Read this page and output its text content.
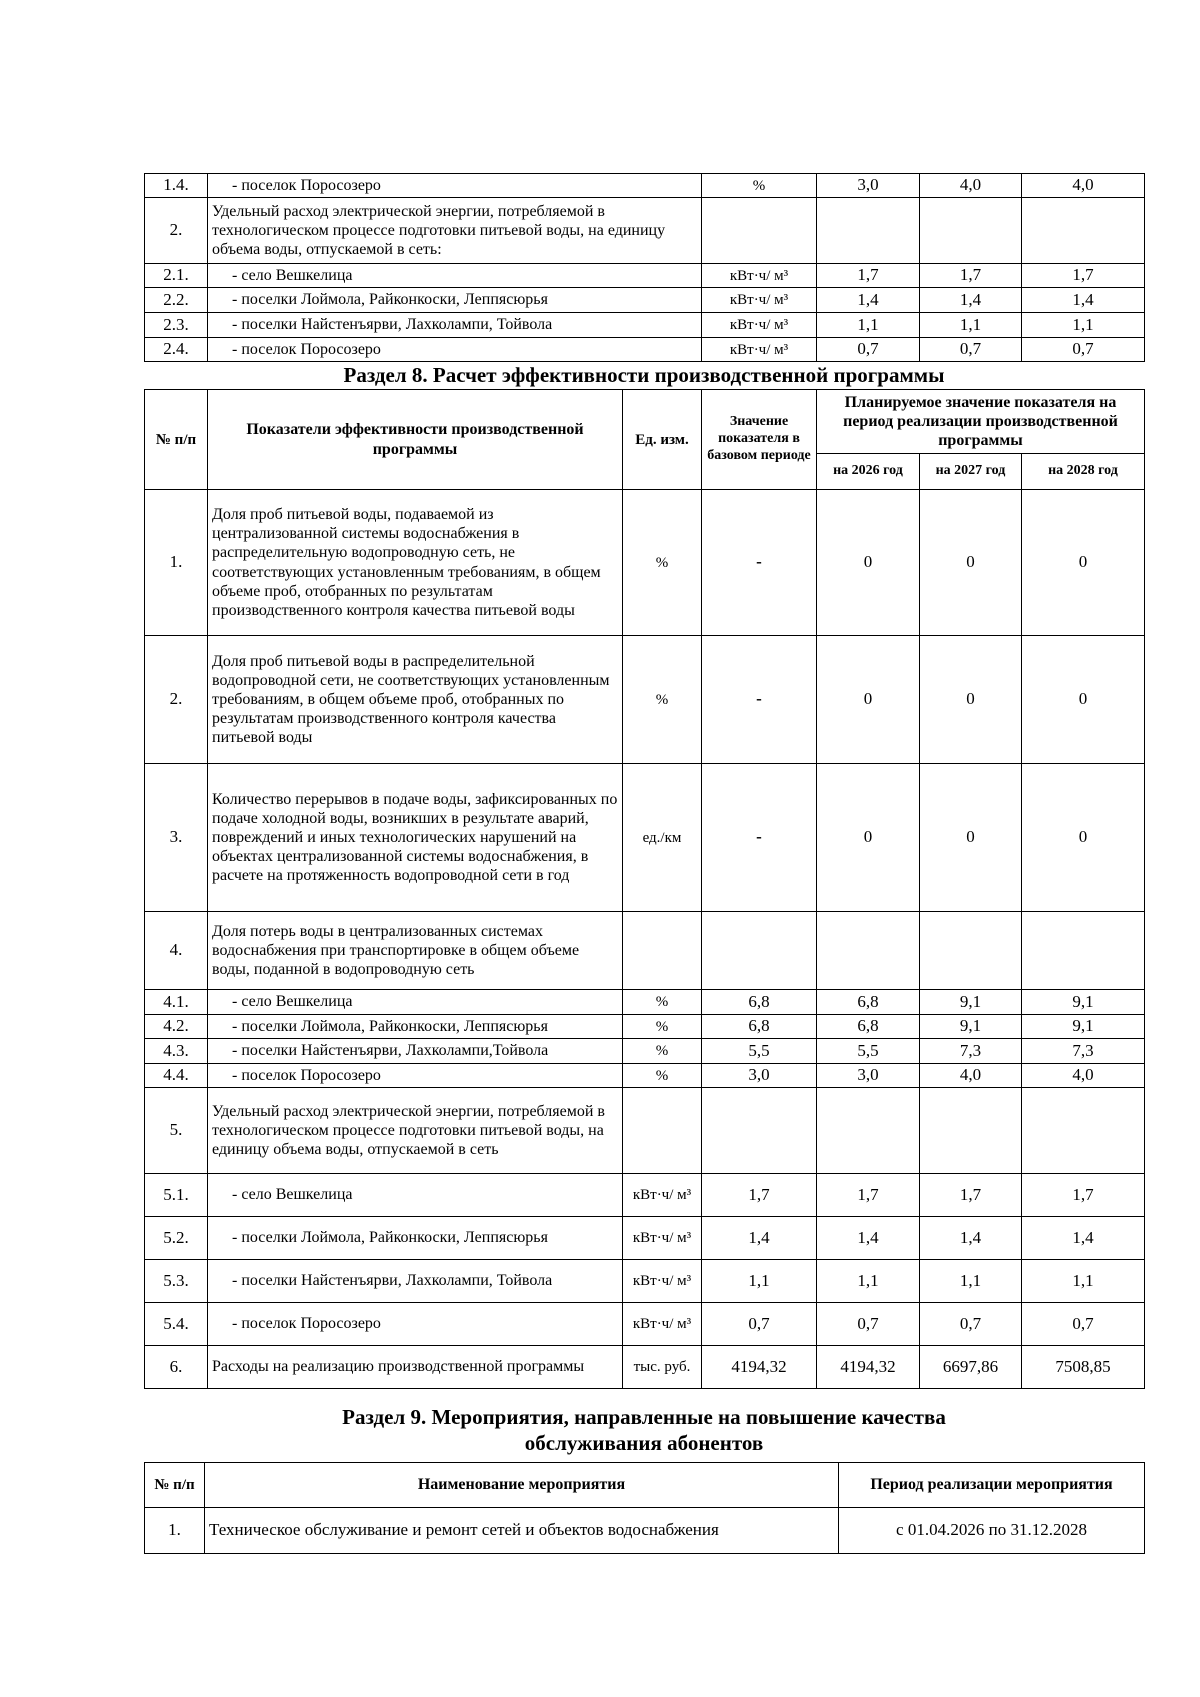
1.4.	- поселок Поросозеро	%	3,0	4,0	4,0
2.	Удельный расход электрической энергии, потребляемой в технологическом процессе подготовки питьевой воды, на единицу объема воды, отпускаемой в сеть:				
2.1.	- село Вешкелица	кВт·ч/ м³	1,7	1,7	1,7
2.2.	- поселки Лоймола, Райконкоски, Леппясюрья	кВт·ч/ м³	1,4	1,4	1,4
2.3.	- поселки Найстенъярви, Лахколампи, Тойвола	кВт·ч/ м³	1,1	1,1	1,1
2.4.	- поселок Поросозеро	кВт·ч/ м³	0,7	0,7	0,7
Раздел 8. Расчет эффективности производственной программы
№ п/п	Показатели эффективности производственной программы	Ед. изм.	Значение показателя в базовом периоде	Планируемое значение показателя на период реализации производственной программы		
				на 2026 год	на 2027 год	на 2028 год
1.	Доля проб питьевой воды, подаваемой из централизованной системы водоснабжения в распределительную водопроводную сеть, не соответствующих установленным требованиям, в общем объеме проб, отобранных по результатам производственного контроля качества питьевой воды	%	-	0	0	0
2.	Доля проб питьевой воды в распределительной водопроводной сети, не соответствующих установленным требованиям, в общем объеме проб, отобранных по результатам производственного контроля качества питьевой воды	%	-	0	0	0
3.	Количество перерывов в подаче воды, зафиксированных по подаче холодной воды, возникших в результате аварий, повреждений и иных технологических нарушений на объектах централизованной системы водоснабжения, в расчете на протяженность водопроводной сети в год	ед./км	-	0	0	0
4.	Доля потерь воды в централизованных системах водоснабжения при транспортировке в общем объеме воды, поданной в водопроводную сеть					
4.1.	- село Вешкелица	%	6,8	6,8	9,1	9,1
4.2.	- поселки Лоймола, Райконкоски, Леппясюрья	%	6,8	6,8	9,1	9,1
4.3.	- поселки Найстенъярви, Лахколампи,Тойвола	%	5,5	5,5	7,3	7,3
4.4.	- поселок Поросозеро	%	3,0	3,0	4,0	4,0
5.	Удельный расход электрической энергии, потребляемой в технологическом процессе подготовки питьевой воды, на единицу объема воды, отпускаемой в сеть					
5.1.	- село Вешкелица	кВт·ч/ м³	1,7	1,7	1,7	1,7
5.2.	- поселки Лоймола, Райконкоски, Леппясюрья	кВт·ч/ м³	1,4	1,4	1,4	1,4
5.3.	- поселки Найстенъярви, Лахколампи, Тойвола	кВт·ч/ м³	1,1	1,1	1,1	1,1
5.4.	- поселок Поросозеро	кВт·ч/ м³	0,7	0,7	0,7	0,7
6.	Расходы на реализацию производственной программы	тыс. руб.	4194,32	4194,32	6697,86	7508,85
Раздел 9. Мероприятия, направленные на повышение качества обслуживания абонентов
№ п/п	Наименование мероприятия	Период реализации мероприятия
1.	Техническое обслуживание и ремонт сетей и объектов водоснабжения	с 01.04.2026 по 31.12.2028
